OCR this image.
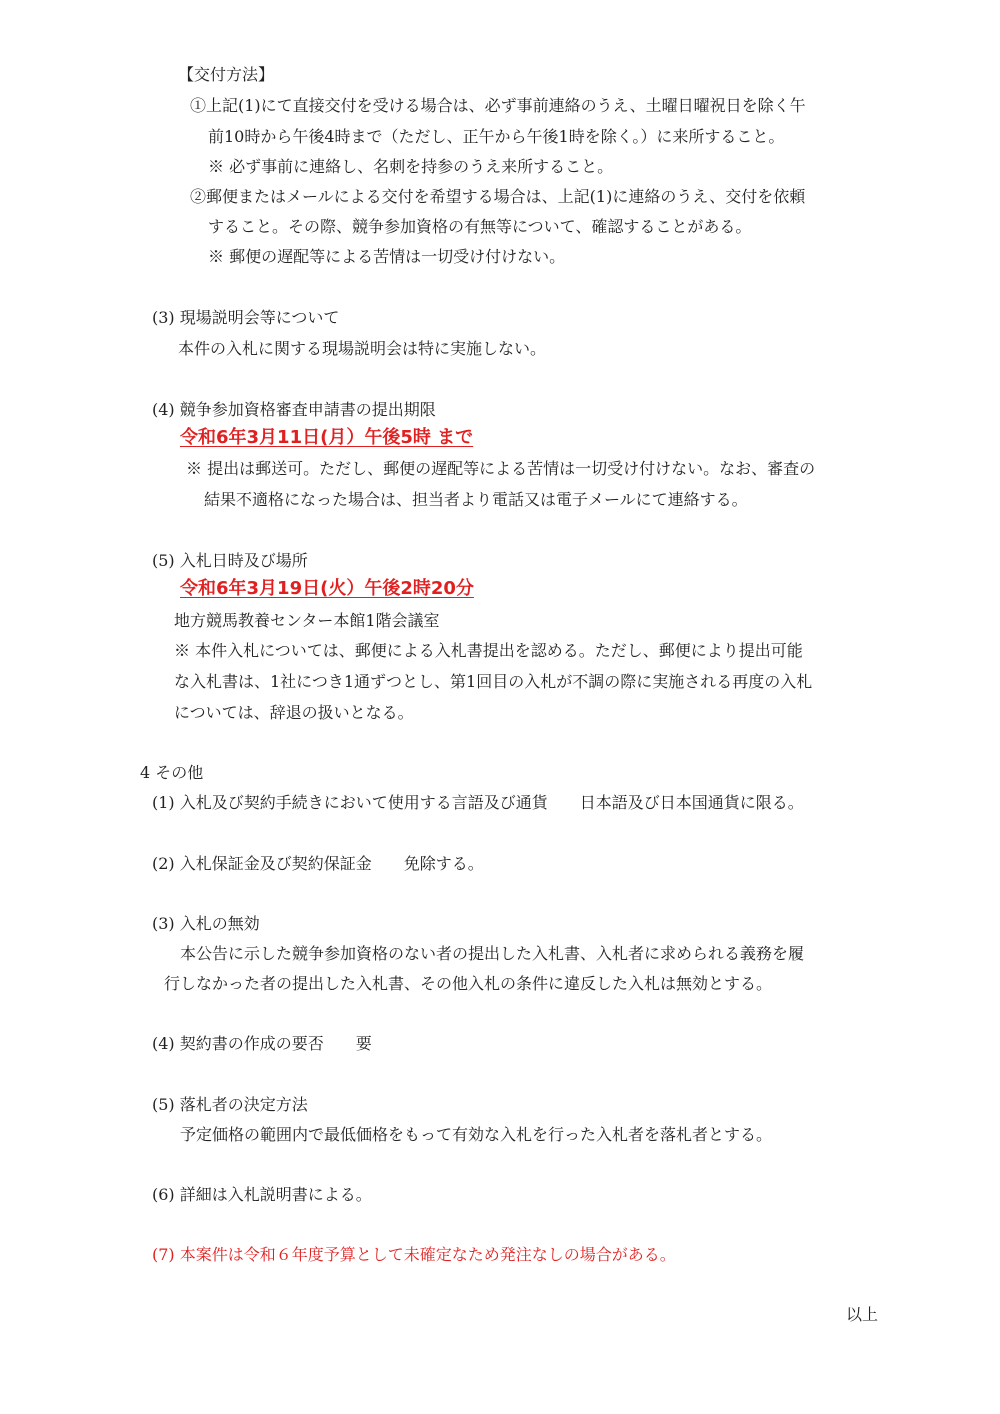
【交付方法】
①上記(1)にて直接交付を受ける場合は、必ず事前連絡のうえ、土曜日曜祝日を除く午
前10時から午後4時まで（ただし、正午から午後1時を除く。）に来所すること。
※ 必ず事前に連絡し、名刺を持参のうえ来所すること。
②郵便またはメールによる交付を希望する場合は、上記(1)に連絡のうえ、交付を依頼
すること。その際、競争参加資格の有無等について、確認することがある。
※ 郵便の遅配等による苦情は一切受け付けない。
(3) 現場説明会等について
本件の入札に関する現場説明会は特に実施しない。
(4) 競争参加資格審査申請書の提出期限
令和6年3月11日(月）午後5時 まで
※ 提出は郵送可。ただし、郵便の遅配等による苦情は一切受け付けない。なお、審査の
結果不適格になった場合は、担当者より電話又は電子メールにて連絡する。
(5) 入札日時及び場所
令和6年3月19日(火）午後2時20分
地方競馬教養センター本館1階会議室
※ 本件入札については、郵便による入札書提出を認める。ただし、郵便により提出可能
な入札書は、1社につき1通ずつとし、第1回目の入札が不調の際に実施される再度の入札
については、辞退の扱いとなる。
4 その他
(1) 入札及び契約手続きにおいて使用する言語及び通貨　　日本語及び日本国通貨に限る。
(2) 入札保証金及び契約保証金　　免除する。
(3) 入札の無効
本公告に示した競争参加資格のない者の提出した入札書、入札者に求められる義務を履
行しなかった者の提出した入札書、その他入札の条件に違反した入札は無効とする。
(4) 契約書の作成の要否　　要
(5) 落札者の決定方法
予定価格の範囲内で最低価格をもって有効な入札を行った入札者を落札者とする。
(6) 詳細は入札説明書による。
(7) 本案件は令和６年度予算として未確定なため発注なしの場合がある。
以上
